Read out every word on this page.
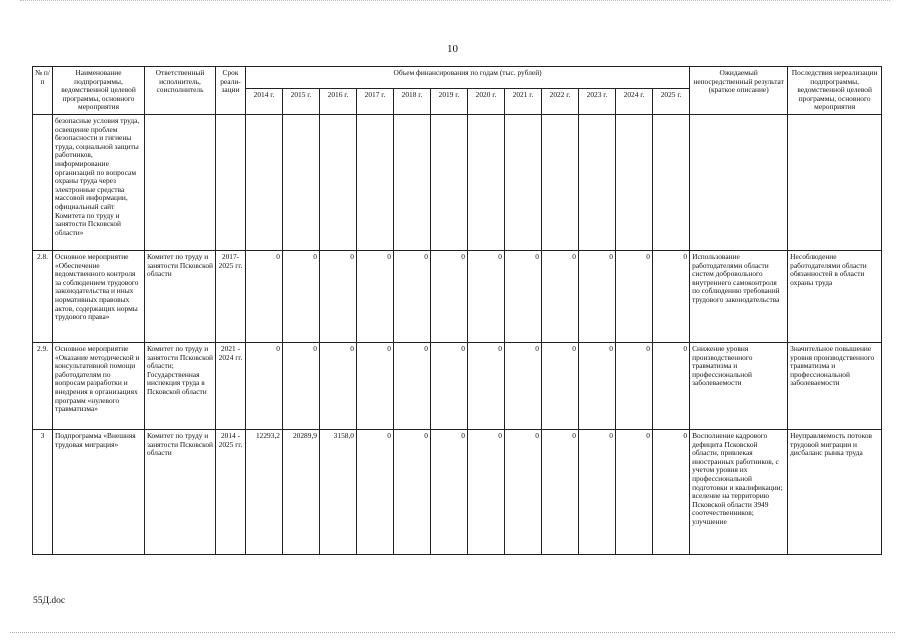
10
№ п/п	Наименование подпрограммы, ведомственной целевой программы, основного мероприятия	Ответственный исполнитель, соисполнитель	Срок реали-зации	Объем финансирования по годам (тыс. рублей)												Ожидаемый непосредственный результат (краткое описание)	Последствия нереализации подпрограммы, ведомственной целевой программы, основного мероприятия
				2014 г.	2015 г.	2016 г.	2017 г.	2018 г.	2019 г.	2020 г.	2021 г.	2022 г.	2023 г.	2024 г.	2025 г.		
	безопасные условия труда, освещение проблем безопасности и гигиены труда, социальной защиты работников, информирование организаций по вопросам охраны труда через электронные средства массовой информации, официальный сайт Комитета по труду и занятости Псковской области»																
2.8.	Основное мероприятие «Обеспечение ведомственного контроля за соблюдением трудового законодательства и иных нормативных правовых актов, содержащих нормы трудового права»	Комитет по труду и занятости Псковской области	2017-2025 гг.	0	0	0	0	0	0	0	0	0	0	0	0	Использование работодателями области систем добровольного внутреннего самоконтроля по соблюдению требований трудового законодательства	Несоблюдение работодателями области обязанностей в области охраны труда
2.9.	Основное мероприятие «Оказание методической и консультативной помощи работодателям по вопросам разработки и внедрения в организациях программ «нулевого травматизма»	Комитет по труду и занятости Псковской области; Государственная инспекция труда в Псковской области	2021 - 2024 гг.	0	0	0	0	0	0	0	0	0	0	0	0	Снижение уровня производственного травматизма и профессиональной заболеваемости	Значительное повышение уровня производственного травматизма и профессиональной заболеваемости
3	Подпрограмма «Внешняя трудовая миграция»	Комитет по труду и занятости Псковской области	2014 - 2025 гг.	12293,2	20289,9	3158,0	0	0	0	0	0	0	0	0	0	Восполнение кадрового дефицита Псковской области, привлекая иностранных работников, с учетом уровня их профессиональной подготовки и квалификации; вселение на территорию Псковской области 3949 соотечественников; улучшение	Неуправляемость потоков трудовой миграции и дисбаланс рынка труда
55Д.doc
